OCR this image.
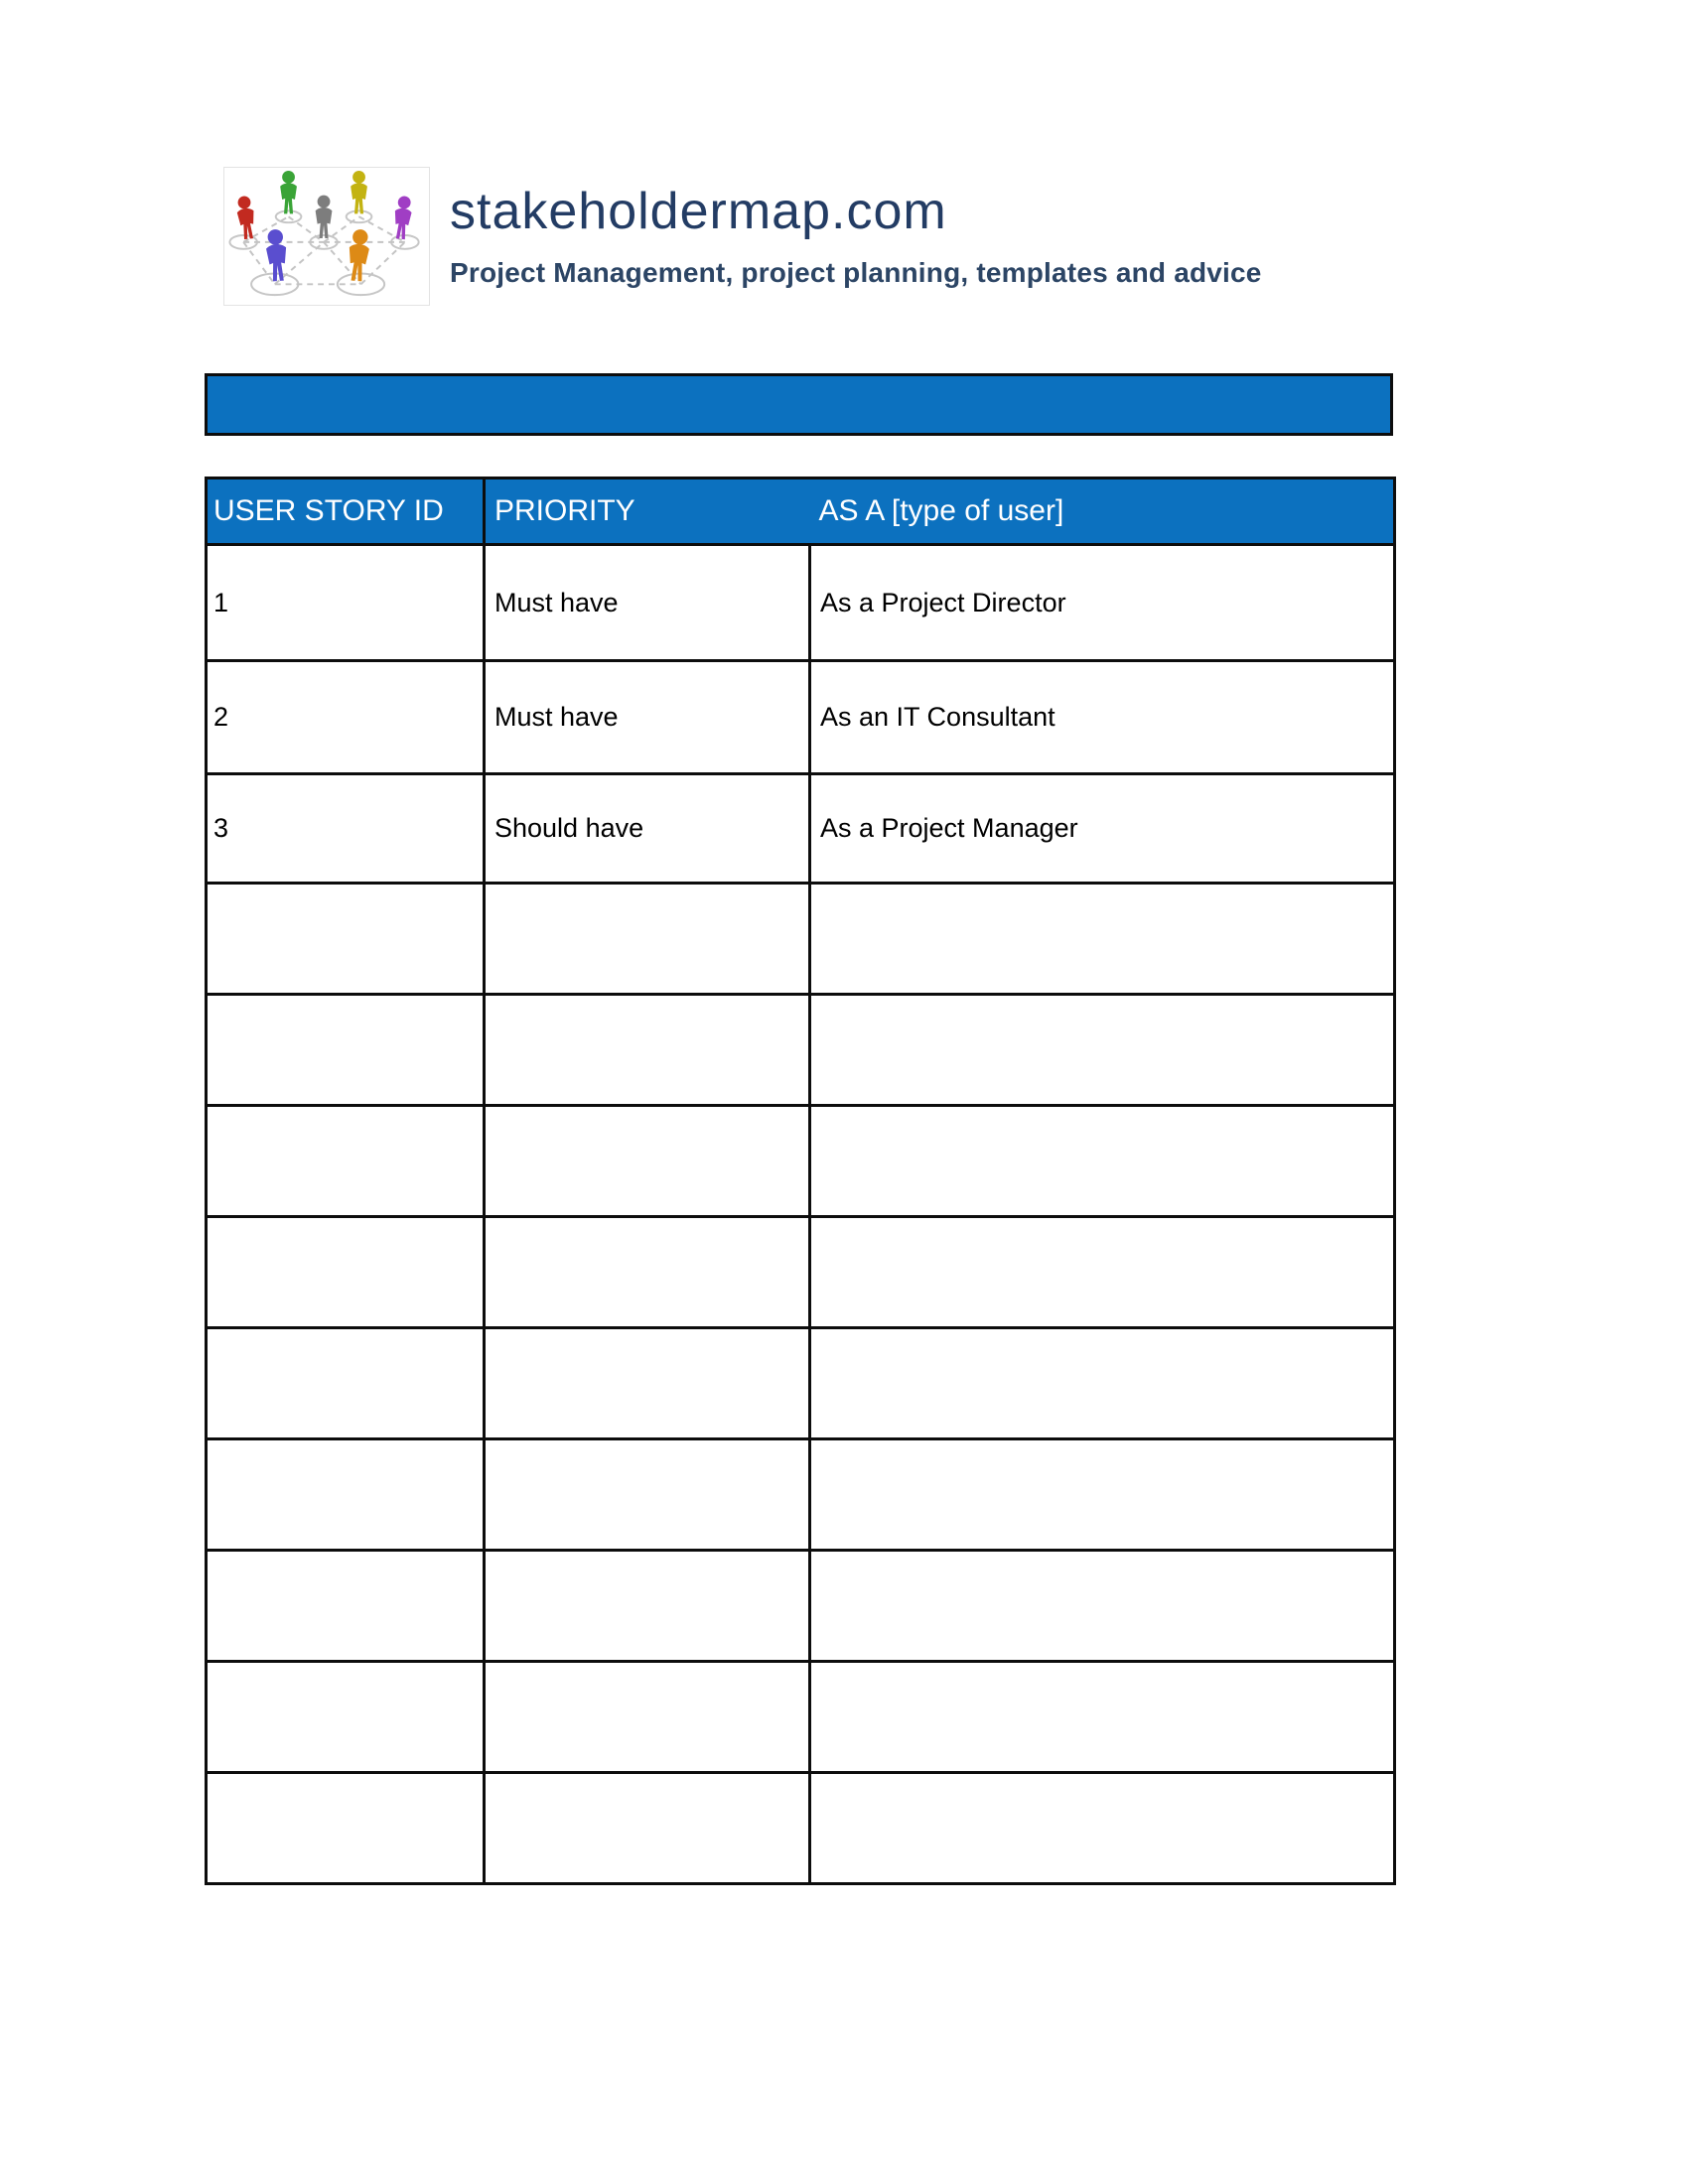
stakeholdermap.com
Project Management, project planning, templates and advice
USER STORY ID	PRIORITY	AS A [type of user]
1	Must have	As a Project Director
2	Must have	As an IT Consultant
3	Should have	As a Project Manager
